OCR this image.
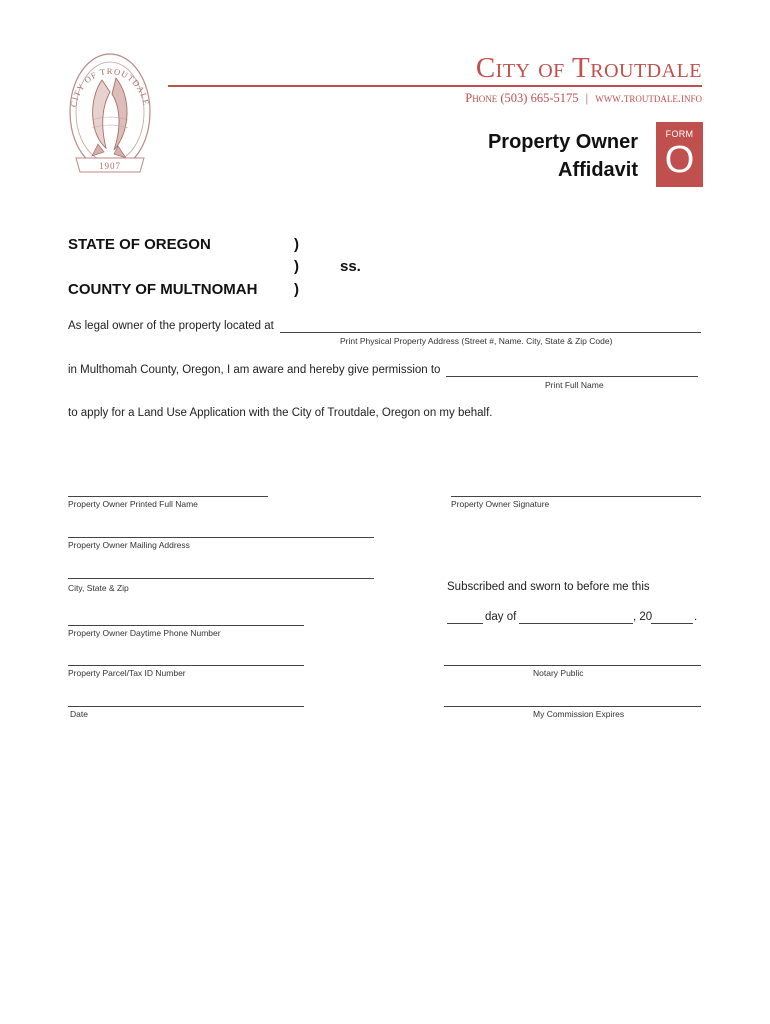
CITY OF TROUTDALE
1907
City of Troutdale
Phone (503) 665-5175 | www.troutdale.info
Property Owner
Affidavit
FORM
O
STATE OF OREGON
COUNTY OF MULTNOMAH
)
)
)
ss.
As legal owner of the property located at
Print Physical Property Address (Street #, Name. City, State & Zip Code)
in Multhomah County, Oregon, I am aware and hereby give permission to
Print Full Name
to apply for a Land Use Application with the City of Troutdale, Oregon on my behalf.
Property Owner Printed Full Name
Property Owner Mailing Address
City, State & Zip
Property Owner Daytime Phone Number
Property Parcel/Tax ID Number
Date
Property Owner Signature
Subscribed and sworn to before me this
day of	, 20	.
Notary Public
My Commission Expires
